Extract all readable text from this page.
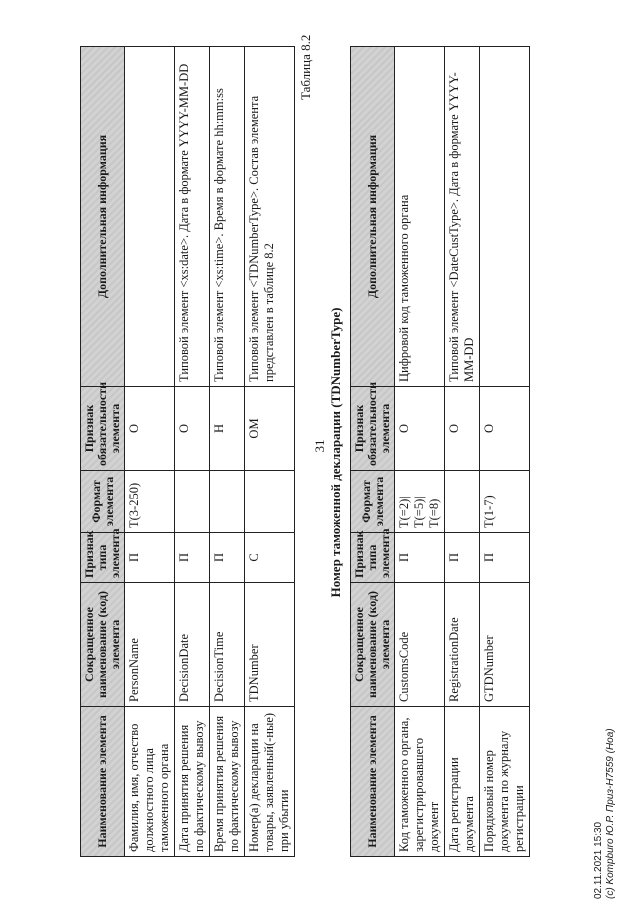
31
Наименование элемента	Сокращенное наименование (код) элемента	Признак типа элемента	Формат элемента	Признак обязательности элемента	Дополнительная информация
Фамилия, имя, отчество должностного лица таможенного органа	PersonName	П	Т(3-250)	О	
Дата принятия решения по фактическому вывозу	DecisionDate	П		О	Типовой элемент <xs:date>. Дата в формате YYYY-MM-DD
Время принятия решения по фактическому вывозу	DecisionTime	П		Н	Типовой элемент <xs:time>. Время в формате hh:mm:ss
Номер(а) декларации на товары, заявленный(-ные) при убытии	TDNumber	С		ОМ	Типовой элемент <TDNumberType>. Состав элемента представлен в таблице 8.2
Таблица 8.2
Номер таможенной декларации (TDNumberType)
Наименование элемента	Сокращенное наименование (код) элемента	Признак типа элемента	Формат элемента	Признак обязательности элемента	Дополнительная информация
Код таможенного органа, зарегистрировавшего документ	CustomsCode	П	Т(=2)|Т(=5)|Т(=8)	О	Цифровой код таможенного органа
Дата регистрации документа	RegistrationDate	П		О	Типовой элемент <DateCustType>. Дата в формате YYYY-MM-DD
Порядковый номер документа по журналу регистрации	GTDNumber	П	Т(1-7)	О	
02.11.2021 15:30 (c) Kompburo Ю.Р. Приз-Н7559 (Hoa)
